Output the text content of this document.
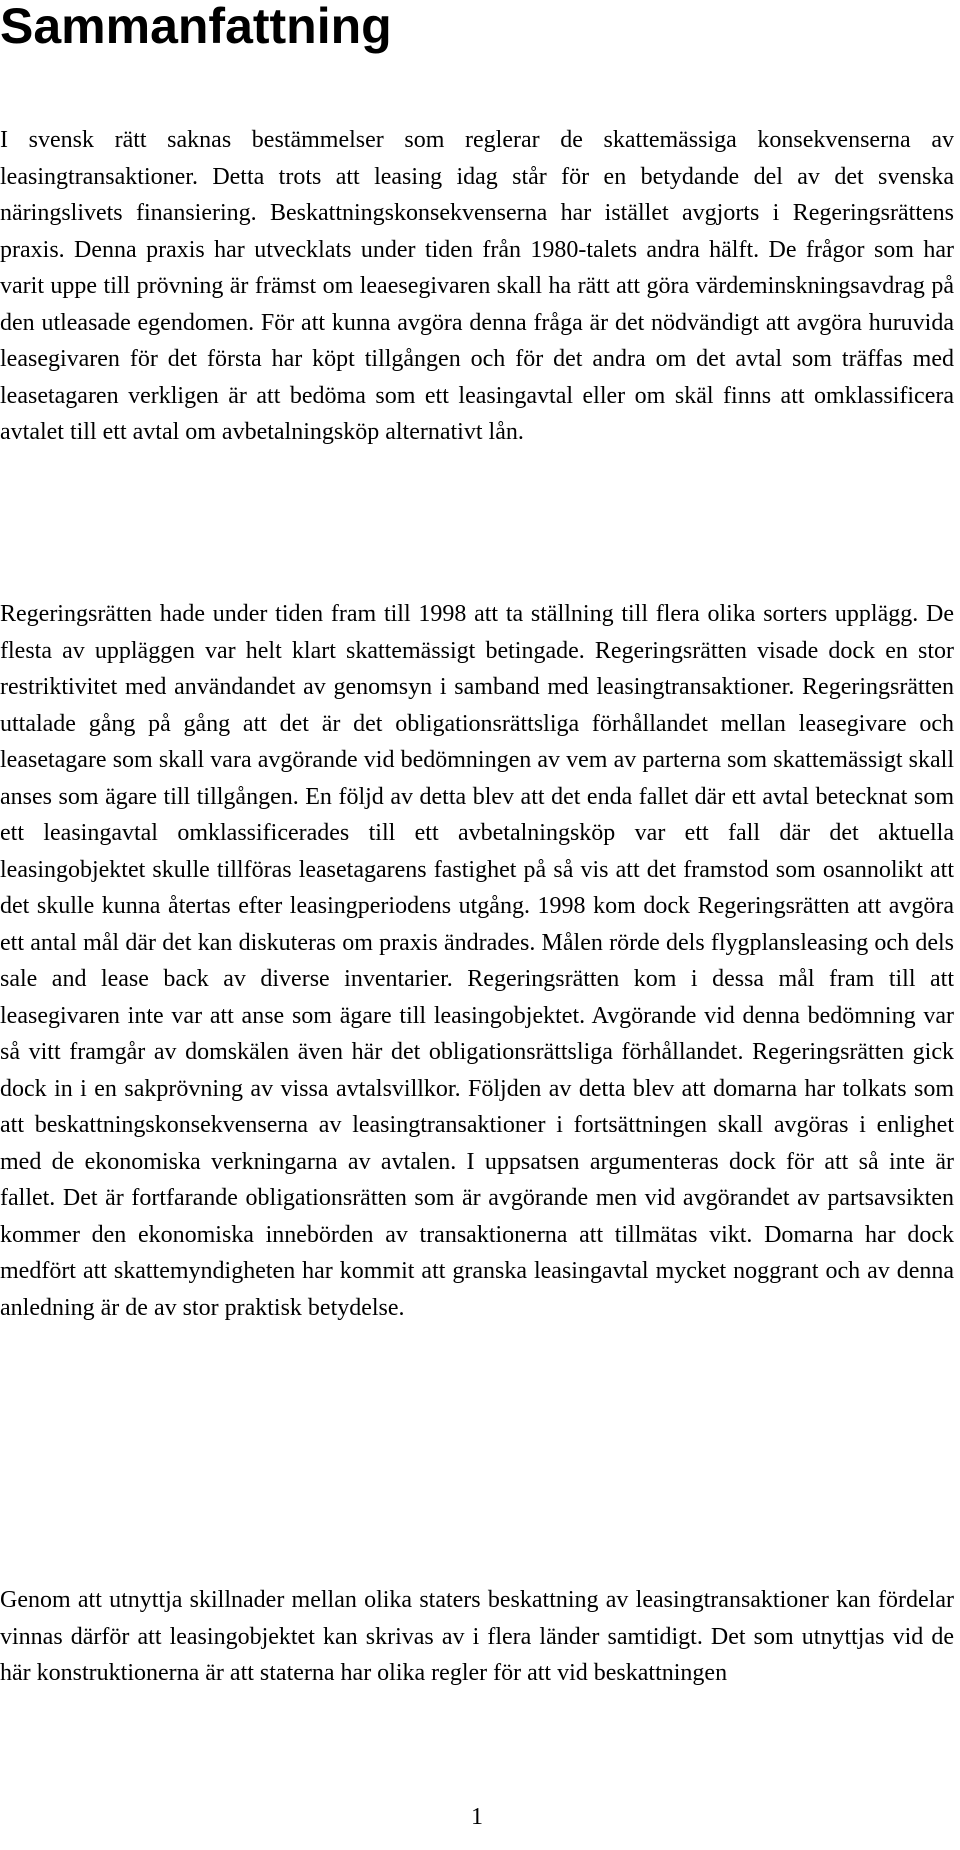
Sammanfattning

I svensk rätt saknas bestämmelser som reglerar de skattemässiga konsekvenserna av leasingtransaktioner. Detta trots att leasing idag står för en betydande del av det svenska näringslivets finansiering. Beskattningskonsekvenserna har istället avgjorts i Regeringsrättens praxis. Denna praxis har utvecklats under tiden från 1980-talets andra hälft. De frågor som har varit uppe till prövning är främst om leaesegivaren skall ha rätt att göra värdeminskningsavdrag på den utleasade egendomen. För att kunna avgöra denna fråga är det nödvändigt att avgöra huruvida leasegivaren för det första har köpt tillgången och för det andra om det avtal som träffas med leasetagaren verkligen är att bedöma som ett leasingavtal eller om skäl finns att omklassificera avtalet till ett avtal om avbetalningsköp alternativt lån.

Regeringsrätten hade under tiden fram till 1998 att ta ställning till flera olika sorters upplägg. De flesta av uppläggen var helt klart skattemässigt betingade. Regeringsrätten visade dock en stor restriktivitet med användandet av genomsyn i samband med leasingtransaktioner. Regeringsrätten uttalade gång på gång att det är det obligationsrättsliga förhållandet mellan leasegivare och leasetagare som skall vara avgörande vid bedömningen av vem av parterna som skattemässigt skall anses som ägare till tillgången. En följd av detta blev att det enda fallet där ett avtal betecknat som ett leasingavtal omklassificerades till ett avbetalningsköp var ett fall där det aktuella leasingobjektet skulle tillföras leasetagarens fastighet på så vis att det framstod som osannolikt att det skulle kunna återtas efter leasingperiodens utgång. 1998 kom dock Regeringsrätten att avgöra ett antal mål där det kan diskuteras om praxis ändrades. Målen rörde dels flygplansleasing och dels sale and lease back av diverse inventarier. Regeringsrätten kom i dessa mål fram till att leasegivaren inte var att anse som ägare till leasingobjektet. Avgörande vid denna bedömning var så vitt framgår av domskälen även här det obligationsrättsliga förhållandet. Regeringsrätten gick dock in i en sakprövning av vissa avtalsvillkor. Följden av detta blev att domarna har tolkats som att beskattningskonsekvenserna av leasingtransaktioner i fortsättningen skall avgöras i enlighet med de ekonomiska verkningarna av avtalen. I uppsatsen argumenteras dock för att så inte är fallet. Det är fortfarande obligationsrätten som är avgörande men vid avgörandet av partsavsikten kommer den ekonomiska innebörden av transaktionerna att tillmätas vikt. Domarna har dock medfört att skattemyndigheten har kommit att granska leasingavtal mycket noggrant och av denna anledning är de av stor praktisk betydelse.

Genom att utnyttja skillnader mellan olika staters beskattning av leasingtransaktioner kan fördelar vinnas därför att leasingobjektet kan skrivas av i flera länder samtidigt. Det som utnyttjas vid de här konstruktionerna är att staterna har olika regler för att vid beskattningen

1
